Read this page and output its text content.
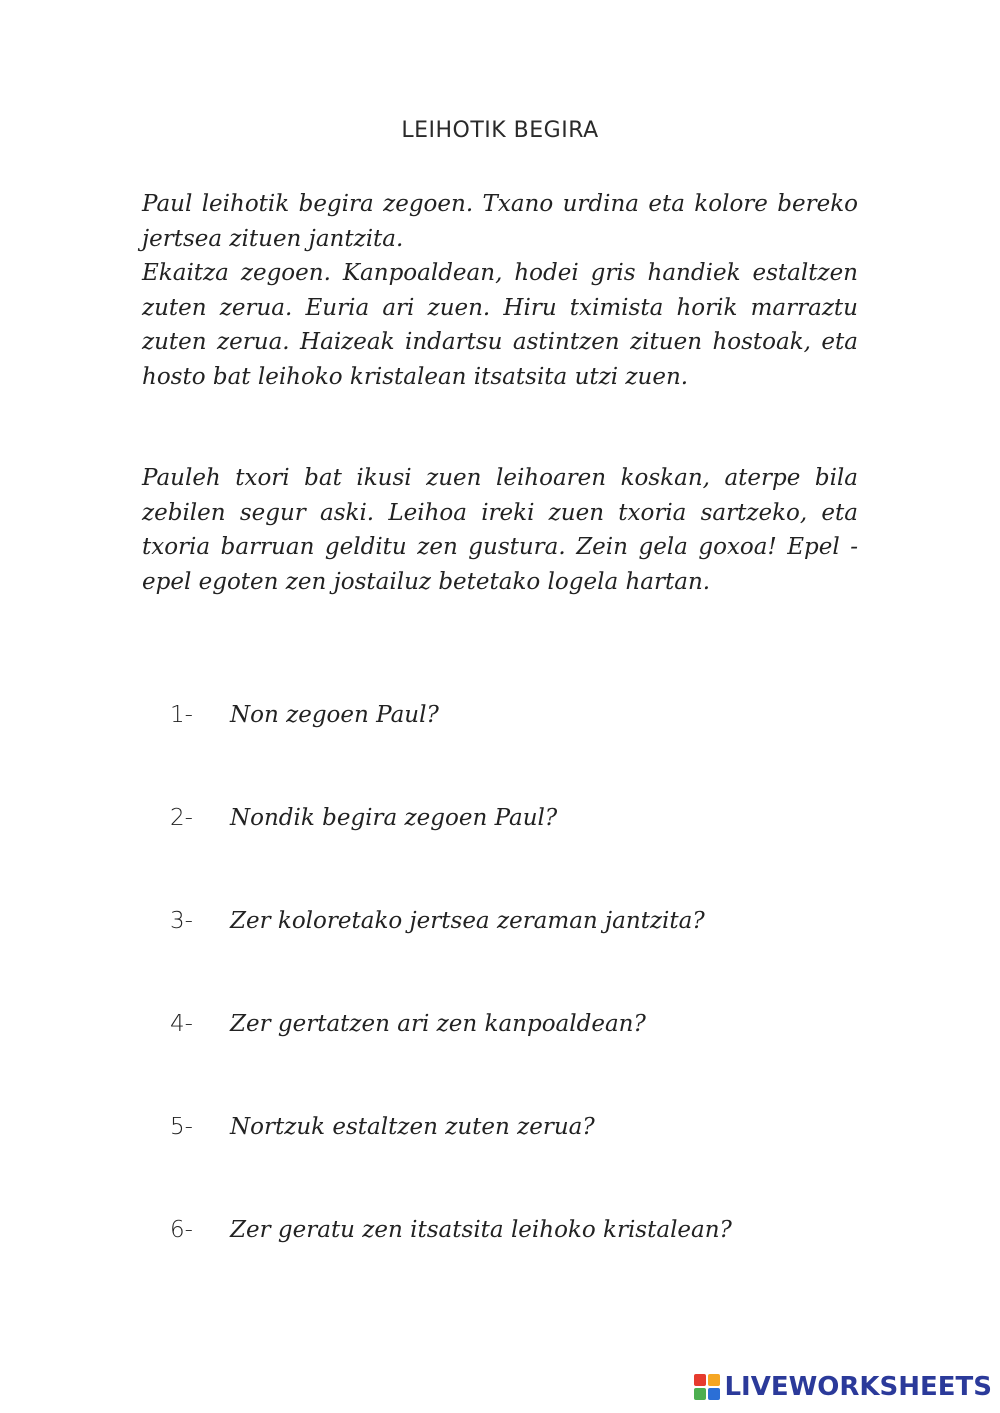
LEIHOTIK BEGIRA

Paul leihotik begira zegoen. Txano urdina eta kolore bereko jertsea zituen jantzita.

Ekaitza zegoen. Kanpoaldean, hodei gris handiek estaltzen zuten zerua. Euria ari zuen. Hiru tximista horik marraztu zuten zerua. Haizeak indartsu astintzen zituen hostoak, eta hosto bat leihoko kristalean itsatsita utzi zuen.

Pauleh txori bat ikusi zuen leihoaren koskan, aterpe bila zebilen segur aski. Leihoa ireki zuen txoria sartzeko, eta txoria barruan gelditu zen gustura. Zein gela goxoa! Epel - epel egoten zen jostailuz betetako logela hartan.

1- Non zegoen Paul?
2- Nondik begira zegoen Paul?
3- Zer koloretako jertsea zeraman jantzita?
4- Zer gertatzen ari zen kanpoaldean?
5- Nortzuk estaltzen zuten zerua?
6- Zer geratu zen itsatsita leihoko kristalean?
LIVEWORKSHEETS
